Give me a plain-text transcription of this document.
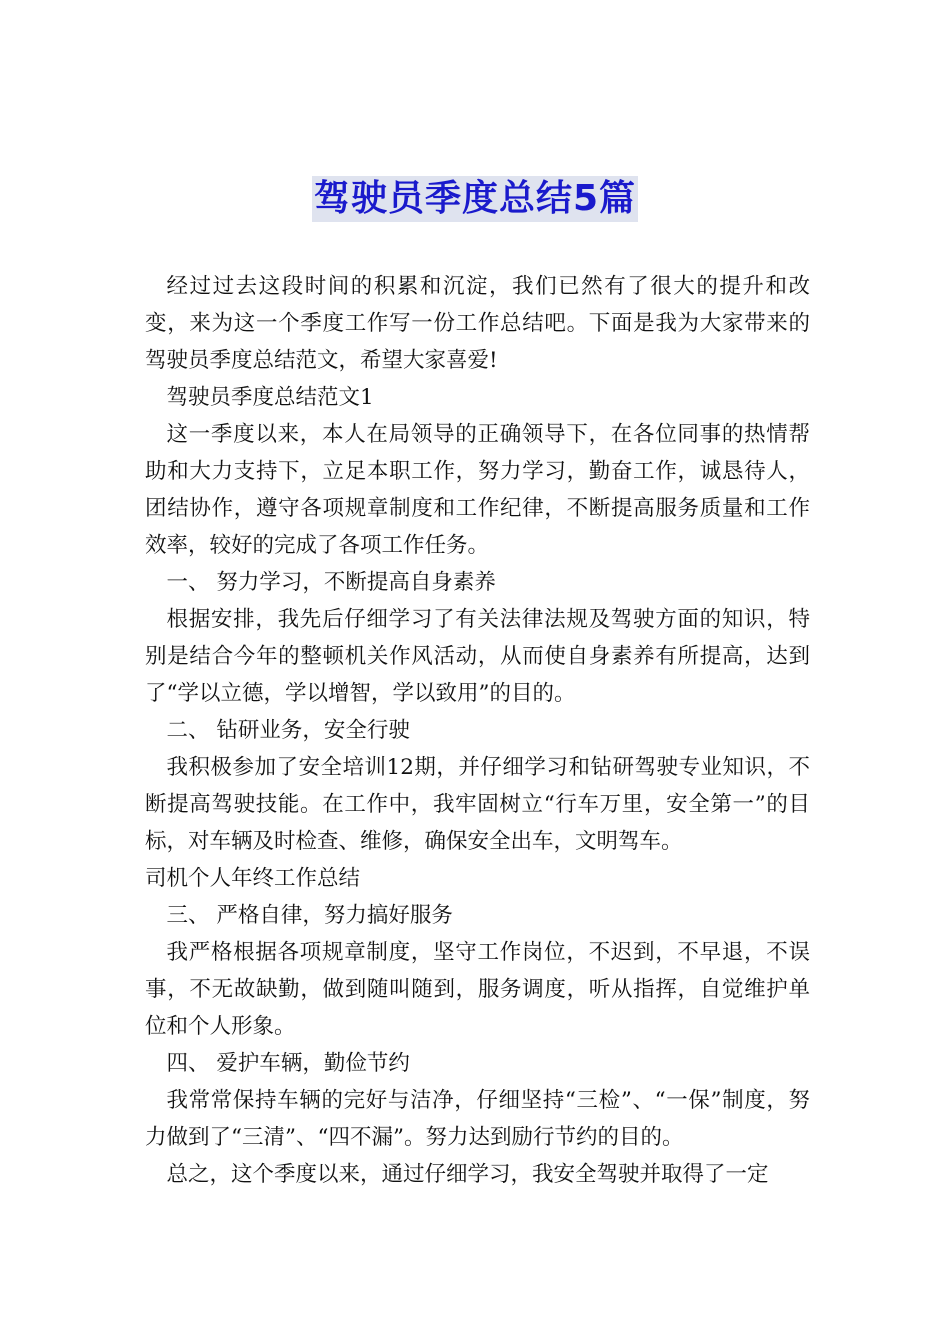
驾驶员季度总结5篇

经过过去这段时间的积累和沉淀，我们已然有了很大的提升和改变，来为这一个季度工作写一份工作总结吧。下面是我为大家带来的驾驶员季度总结范文，希望大家喜爱!

驾驶员季度总结范文1

这一季度以来，本人在局领导的正确领导下，在各位同事的热情帮助和大力支持下，立足本职工作，努力学习，勤奋工作，诚恳待人，团结协作，遵守各项规章制度和工作纪律，不断提高服务质量和工作效率，较好的完成了各项工作任务。

一、 努力学习，不断提高自身素养

根据安排，我先后仔细学习了有关法律法规及驾驶方面的知识，特别是结合今年的整顿机关作风活动，从而使自身素养有所提高，达到了“学以立德，学以增智，学以致用”的目的。

二、 钻研业务，安全行驶

我积极参加了安全培训12期，并仔细学习和钻研驾驶专业知识，不断提高驾驶技能。在工作中，我牢固树立“行车万里，安全第一”的目标，对车辆及时检查、维修，确保安全出车，文明驾车。

司机个人年终工作总结

三、 严格自律，努力搞好服务

我严格根据各项规章制度，坚守工作岗位，不迟到，不早退，不误事，不无故缺勤，做到随叫随到，服务调度，听从指挥，自觉维护单位和个人形象。

四、 爱护车辆，勤俭节约

我常常保持车辆的完好与洁净，仔细坚持“三检”、“一保”制度，努力做到了“三清”、“四不漏”。努力达到励行节约的目的。

总之，这个季度以来，通过仔细学习，我安全驾驶并取得了一定
